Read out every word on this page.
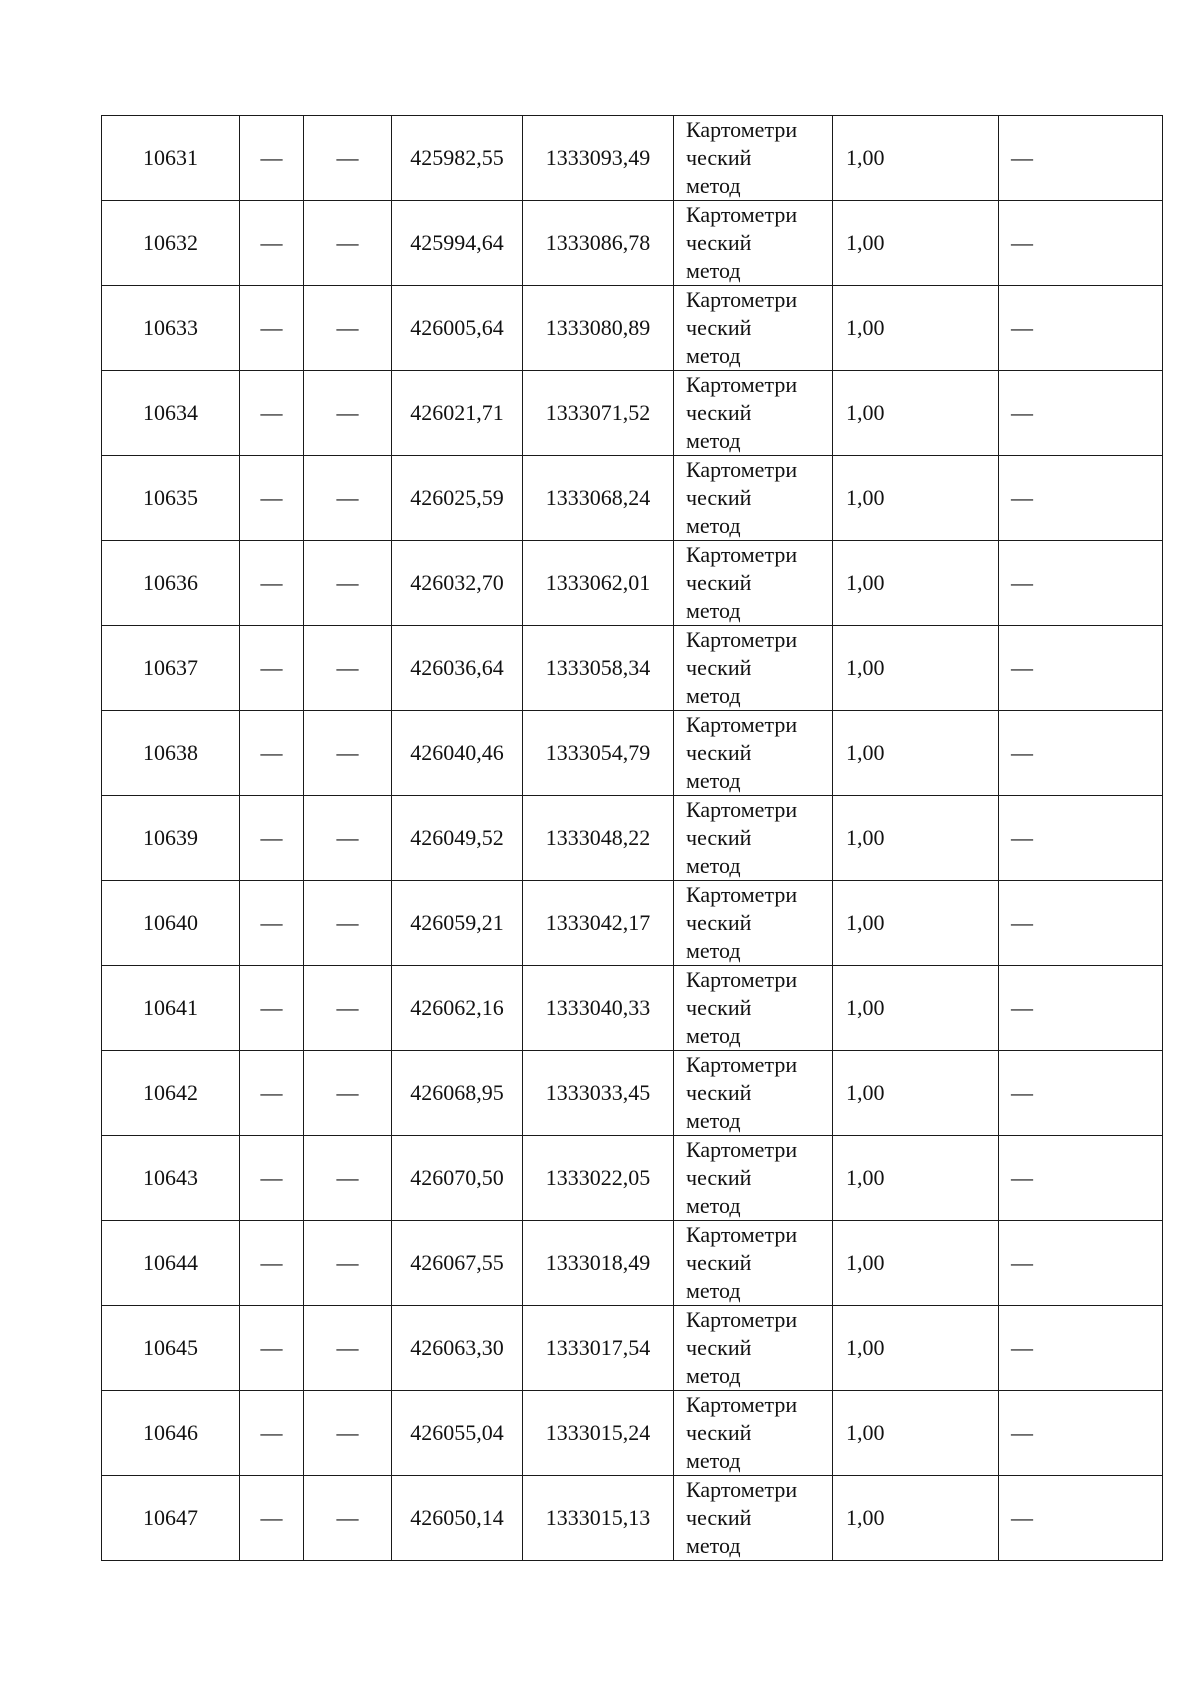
10631	—	—	425982,55	1333093,49	Картометри
ческий
метод	1,00	—
10632	—	—	425994,64	1333086,78	Картометри
ческий
метод	1,00	—
10633	—	—	426005,64	1333080,89	Картометри
ческий
метод	1,00	—
10634	—	—	426021,71	1333071,52	Картометри
ческий
метод	1,00	—
10635	—	—	426025,59	1333068,24	Картометри
ческий
метод	1,00	—
10636	—	—	426032,70	1333062,01	Картометри
ческий
метод	1,00	—
10637	—	—	426036,64	1333058,34	Картометри
ческий
метод	1,00	—
10638	—	—	426040,46	1333054,79	Картометри
ческий
метод	1,00	—
10639	—	—	426049,52	1333048,22	Картометри
ческий
метод	1,00	—
10640	—	—	426059,21	1333042,17	Картометри
ческий
метод	1,00	—
10641	—	—	426062,16	1333040,33	Картометри
ческий
метод	1,00	—
10642	—	—	426068,95	1333033,45	Картометри
ческий
метод	1,00	—
10643	—	—	426070,50	1333022,05	Картометри
ческий
метод	1,00	—
10644	—	—	426067,55	1333018,49	Картометри
ческий
метод	1,00	—
10645	—	—	426063,30	1333017,54	Картометри
ческий
метод	1,00	—
10646	—	—	426055,04	1333015,24	Картометри
ческий
метод	1,00	—
10647	—	—	426050,14	1333015,13	Картометри
ческий
метод	1,00	—
